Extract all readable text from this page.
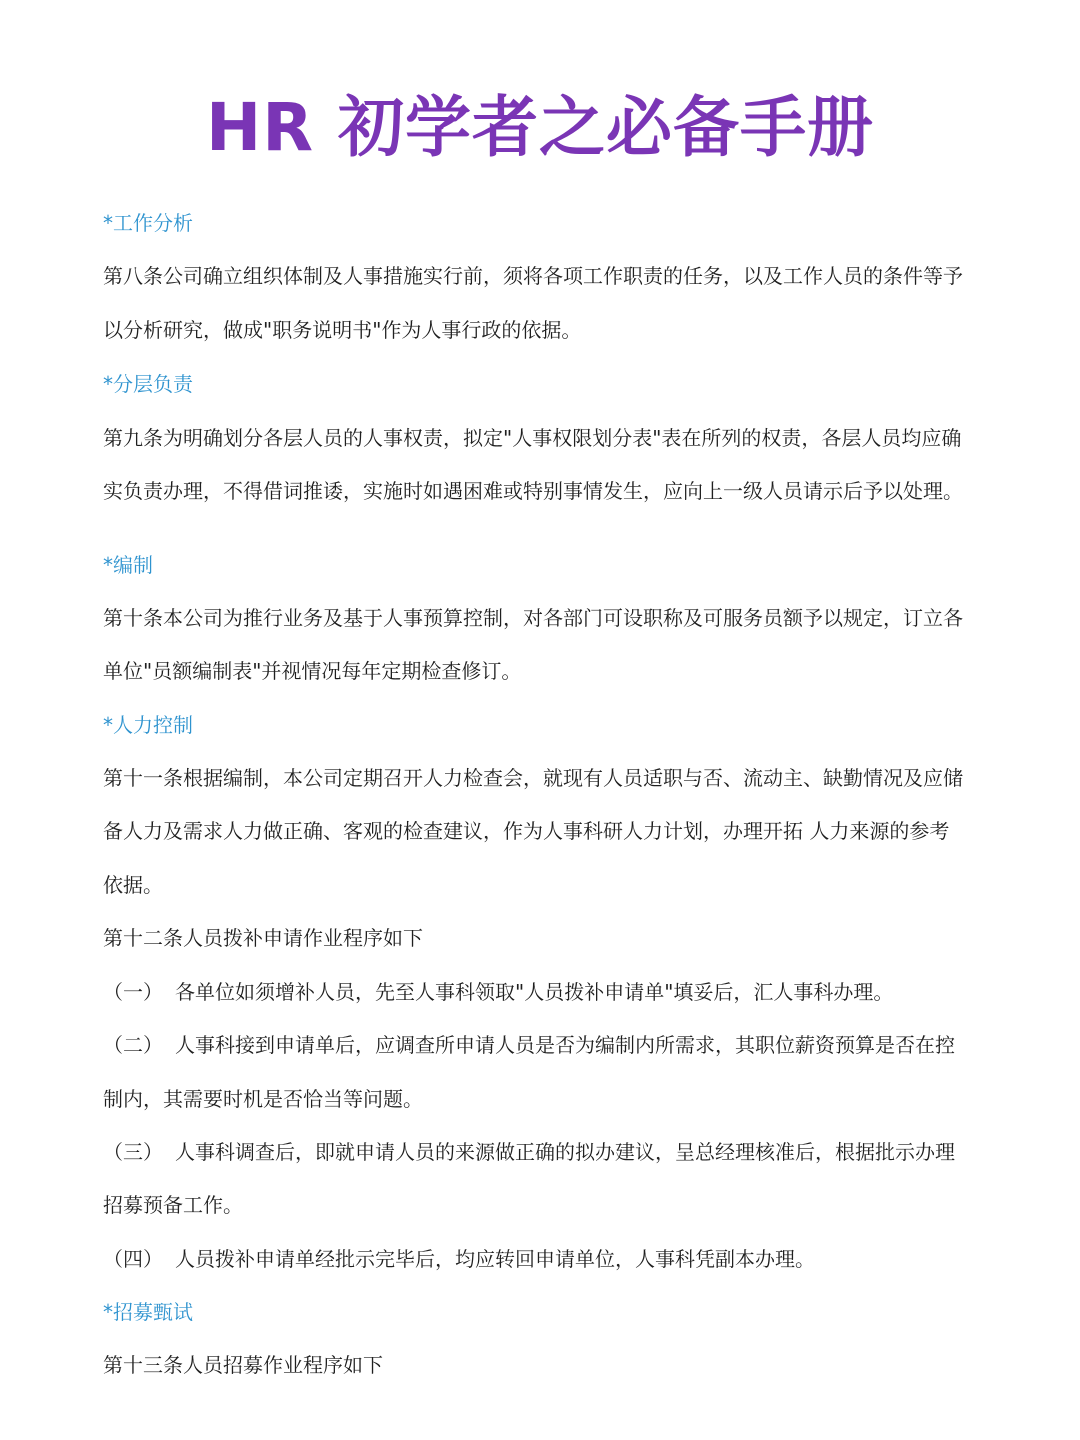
HR 初学者之必备手册
*工作分析
第八条公司确立组织体制及人事措施实行前，须将各项工作职责的任务，以及工作人员的条件等予
以分析研究，做成"职务说明书"作为人事行政的依据。
*分层负责
第九条为明确划分各层人员的人事权责，拟定"人事权限划分表"表在所列的权责，各层人员均应确
实负责办理，不得借词推诿，实施时如遇困难或特别事情发生，应向上一级人员请示后予以处理。
*编制
第十条本公司为推行业务及基于人事预算控制，对各部门可设职称及可服务员额予以规定，订立各
单位"员额编制表"并视情况每年定期检查修订。
*人力控制
第十一条根据编制，本公司定期召开人力检查会，就现有人员适职与否、流动主、缺勤情况及应储
备人力及需求人力做正确、客观的检查建议，作为人事科研人力计划，办理开拓 人力来源的参考
依据。
第十二条人员拨补申请作业程序如下
（一） 各单位如须增补人员，先至人事科领取"人员拨补申请单"填妥后，汇人事科办理。
（二） 人事科接到申请单后，应调查所申请人员是否为编制内所需求，其职位薪资预算是否在控
制内，其需要时机是否恰当等问题。
（三） 人事科调查后，即就申请人员的来源做正确的拟办建议，呈总经理核准后，根据批示办理
招募预备工作。
（四） 人员拨补申请单经批示完毕后，均应转回申请单位，人事科凭副本办理。
*招募甄试
第十三条人员招募作业程序如下
